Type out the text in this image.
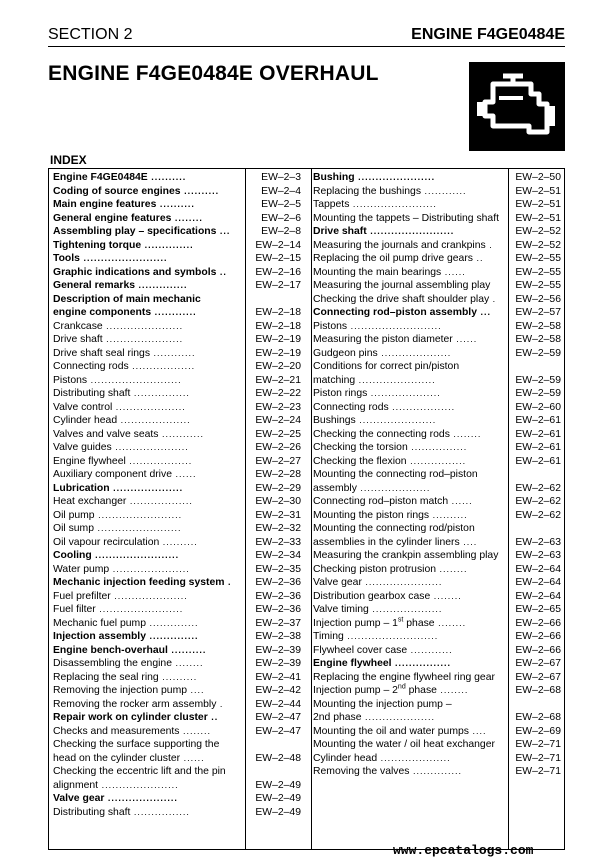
SECTION 2	ENGINE F4GE0484E
ENGINE F4GE0484E OVERHAUL
INDEX
Engine F4GE0484E ..........	EW–2–3
Coding of source engines ..........	EW–2–4
Main engine features ..........	EW–2–5
General engine features ........	EW–2–6
Assembling play – specifications ...	EW–2–8
Tightening torque ..............	EW–2–14
Tools ........................	EW–2–15
Graphic indications and symbols ..	EW–2–16
General remarks ..............	EW–2–17
Description of main mechanic
engine components ............	EW–2–18
Crankcase ......................	EW–2–18
Drive shaft ......................	EW–2–19
Drive shaft seal rings ............	EW–2–19
Connecting rods ..................	EW–2–20
Pistons ..........................	EW–2–21
Distributing shaft ................	EW–2–22
Valve control ....................	EW–2–23
Cylinder head ....................	EW–2–24
Valves and valve seats ............	EW–2–25
Valve guides .....................	EW–2–26
Engine flywheel ..................	EW–2–27
Auxiliary component drive ......	EW–2–28
Lubrication ....................	EW–2–29
Heat exchanger ..................	EW–2–30
Oil pump ........................	EW–2–31
Oil sump ........................	EW–2–32
Oil vapour recirculation ..........	EW–2–33
Cooling ........................	EW–2–34
Water pump ......................	EW–2–35
Mechanic injection feeding system . EW–2–36
Fuel prefilter .....................	EW–2–36
Fuel filter ........................	EW–2–36
Mechanic fuel pump ..............	EW–2–37
Injection assembly ..............	EW–2–38
Engine bench-overhaul ..........	EW–2–39
Disassembling the engine ........	EW–2–39
Replacing the seal ring ..........	EW–2–41
Removing the injection pump ....	EW–2–42
Removing the rocker arm assembly .	EW–2–44
Repair work on cylinder cluster ..	EW–2–47
Checks and measurements ........	EW–2–47
Checking the surface supporting the
head on the cylinder cluster ......	EW–2–48
Checking the eccentric lift and the pin
alignment ......................	EW–2–49
Valve gear ....................	EW–2–49
Distributing shaft ................	EW–2–49
Bushing ......................	EW–2–50
Replacing the bushings ............	EW–2–51
Tappets ........................	EW–2–51
Mounting the tappets – Distributing shaft EW–2–51
Drive shaft ........................	EW–2–52
Measuring the journals and crankpins . EW–2–52
Replacing the oil pump drive gears ..	EW–2–55
Mounting the main bearings ......	EW–2–55
Measuring the journal assembling play EW–2–55
Checking the drive shaft shoulder play . EW–2–56
Connecting rod–piston assembly ... EW–2–57
Pistons ..........................	EW–2–58
Measuring the piston diameter ......	EW–2–58
Gudgeon pins ....................	EW–2–59
Conditions for correct pin/piston
matching ......................	EW–2–59
Piston rings ....................	EW–2–59
Connecting rods ..................	EW–2–60
Bushings ......................	EW–2–61
Checking the connecting rods ........	EW–2–61
Checking the torsion ................	EW–2–61
Checking the flexion ................	EW–2–61
Mounting the connecting rod–piston
assembly ....................	EW–2–62
Connecting rod–piston match ......	EW–2–62
Mounting the piston rings ..........	EW–2–62
Mounting the connecting rod/piston
assemblies in the cylinder liners ....	EW–2–63
Measuring the crankpin assembling play EW–2–63
Checking piston protrusion ........	EW–2–64
Valve gear ......................	EW–2–64
Distribution gearbox case ........	EW–2–64
Valve timing ....................	EW–2–65
Injection pump – 1st phase ........	EW–2–66
Timing ..........................	EW–2–66
Flywheel cover case ............	EW–2–66
Engine flywheel ................	EW–2–67
Replacing the engine flywheel ring gear EW–2–67
Injection pump – 2nd phase ........	EW–2–68
Mounting the injection pump –
2nd phase ....................	EW–2–68
Mounting the oil and water pumps ....	EW–2–69
Mounting the water / oil heat exchanger EW–2–71
Cylinder head ....................	EW–2–71
Removing the valves ..............	EW–2–71
www.epcatalogs.com
